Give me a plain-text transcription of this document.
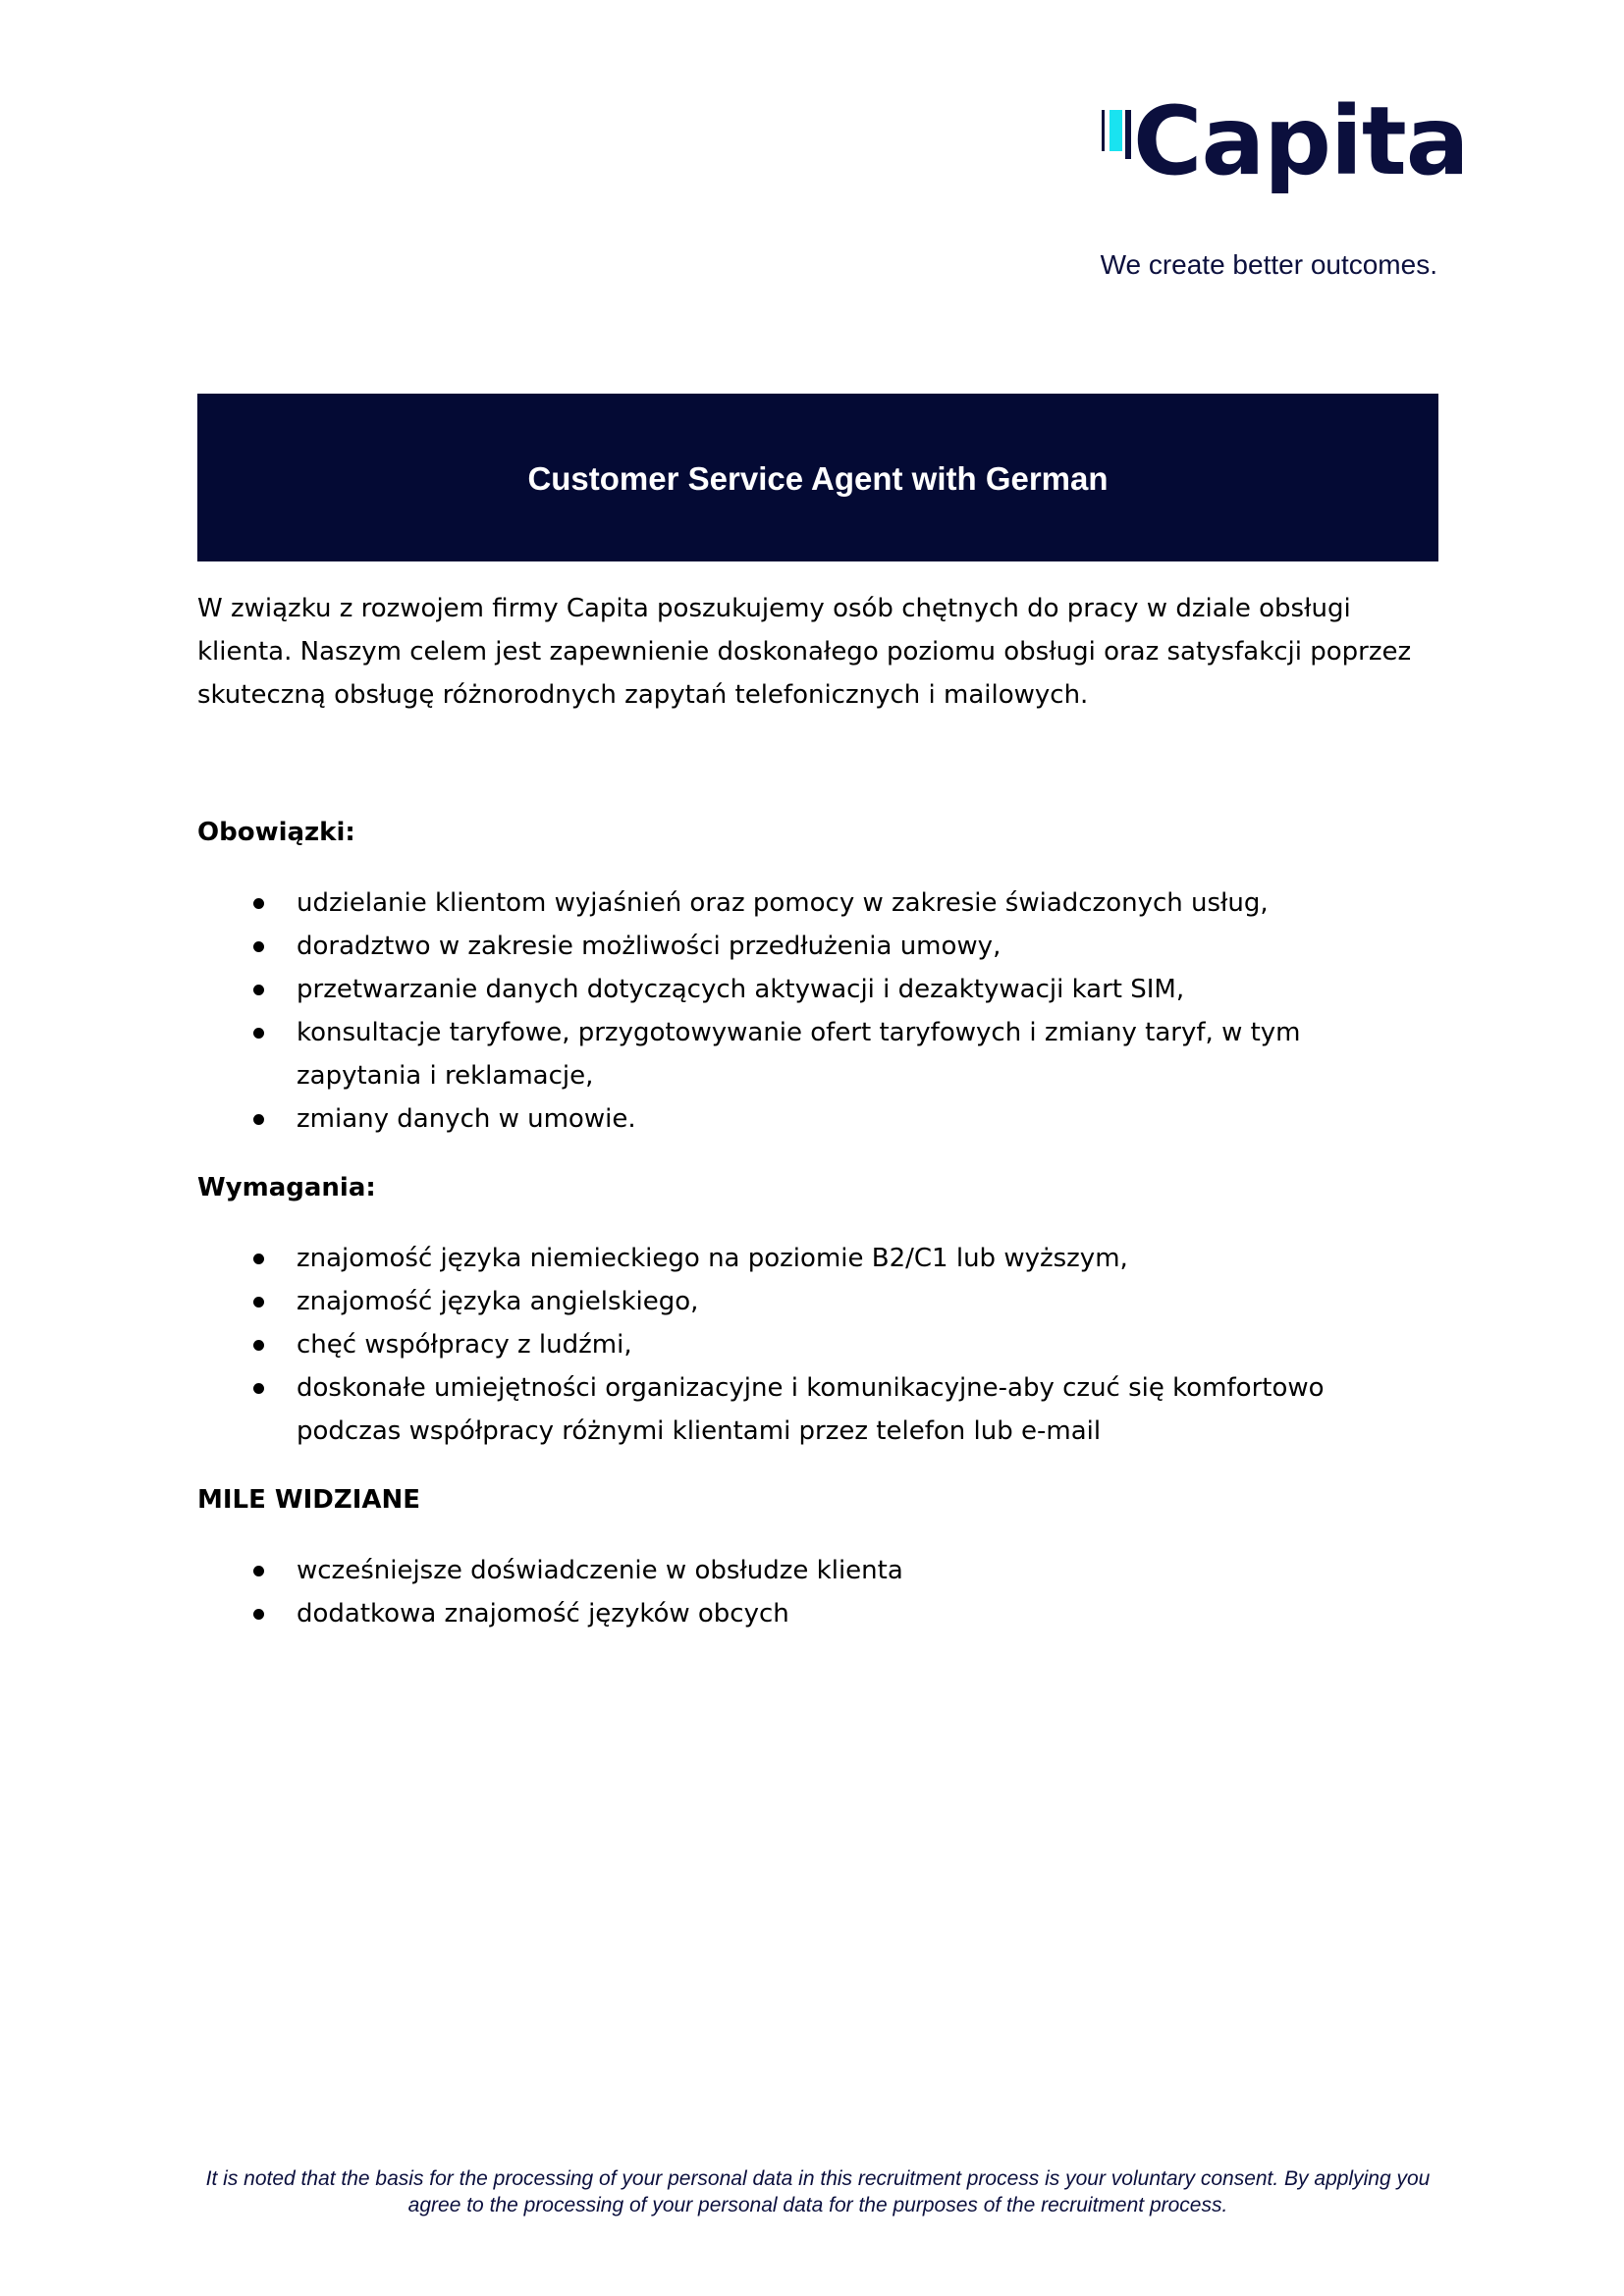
Capita
We create better outcomes.
Customer Service Agent with German

W związku z rozwojem firmy Capita poszukujemy osób chętnych do pracy w dziale obsługi klienta. Naszym celem jest zapewnienie doskonałego poziomu obsługi oraz satysfakcji poprzez skuteczną obsługę różnorodnych zapytań telefonicznych i mailowych.

Obowiązki:

udzielanie klientom wyjaśnień oraz pomocy w zakresie świadczonych usług,
doradztwo w zakresie możliwości przedłużenia umowy,
przetwarzanie danych dotyczących aktywacji i dezaktywacji kart SIM,
konsultacje taryfowe, przygotowywanie ofert taryfowych i zmiany taryf, w tym zapytania i reklamacje,
zmiany danych w umowie.

Wymagania:

znajomość języka niemieckiego na poziomie B2/C1 lub wyższym,
znajomość języka angielskiego,
chęć współpracy z ludźmi,
doskonałe umiejętności organizacyjne i komunikacyjne-aby czuć się komfortowo podczas współpracy różnymi klientami przez telefon lub e-mail

MILE WIDZIANE

wcześniejsze doświadczenie w obsłudze klienta
dodatkowa znajomość języków obcych
It is noted that the basis for the processing of your personal data in this recruitment process is your voluntary consent. By applying you agree to the processing of your personal data for the purposes of the recruitment process.
